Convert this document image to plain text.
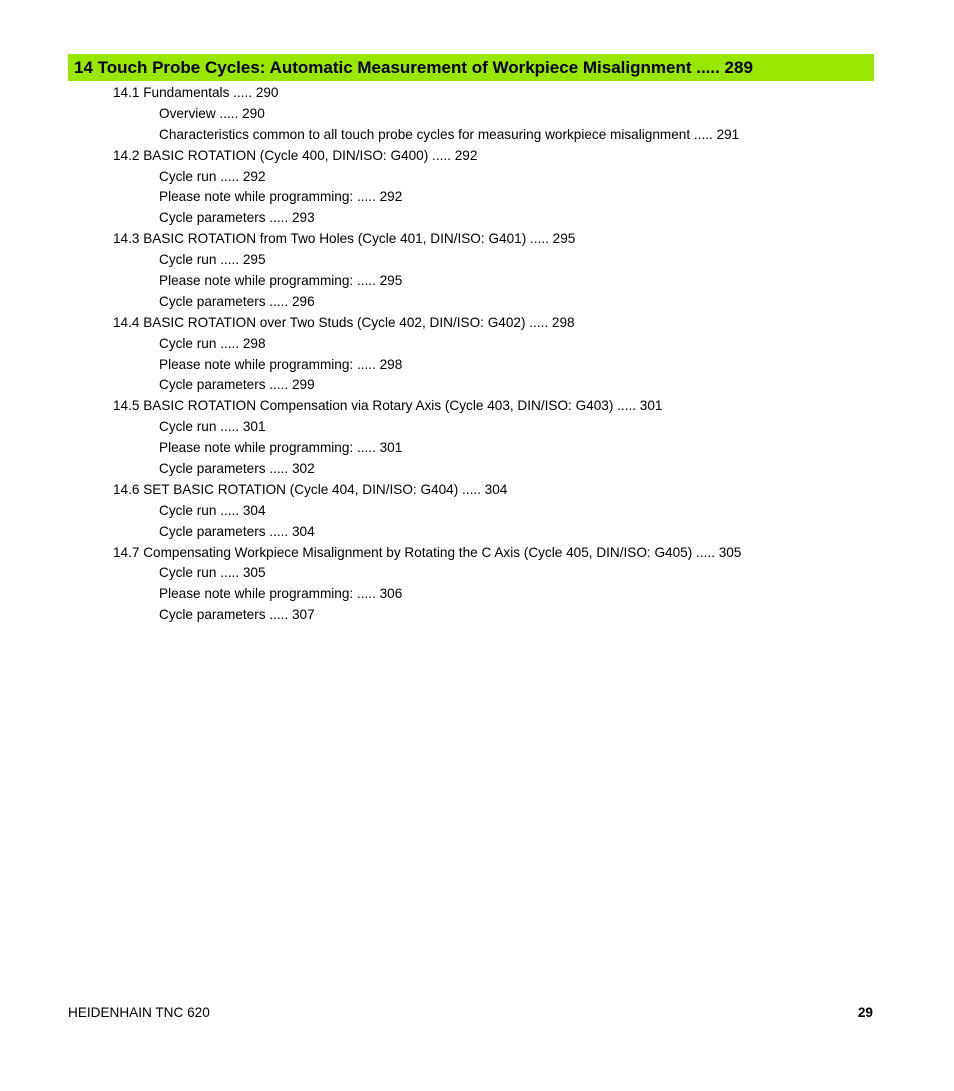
14 Touch Probe Cycles: Automatic Measurement of Workpiece Misalignment ..... 289
14.1 Fundamentals ..... 290
Overview ..... 290
Characteristics common to all touch probe cycles for measuring workpiece misalignment ..... 291
14.2 BASIC ROTATION (Cycle 400, DIN/ISO: G400) ..... 292
Cycle run ..... 292
Please note while programming: ..... 292
Cycle parameters ..... 293
14.3 BASIC ROTATION from Two Holes (Cycle 401, DIN/ISO: G401) ..... 295
Cycle run ..... 295
Please note while programming: ..... 295
Cycle parameters ..... 296
14.4 BASIC ROTATION over Two Studs (Cycle 402, DIN/ISO: G402) ..... 298
Cycle run ..... 298
Please note while programming: ..... 298
Cycle parameters ..... 299
14.5 BASIC ROTATION Compensation via Rotary Axis (Cycle 403, DIN/ISO: G403) ..... 301
Cycle run ..... 301
Please note while programming: ..... 301
Cycle parameters ..... 302
14.6 SET BASIC ROTATION (Cycle 404, DIN/ISO: G404) ..... 304
Cycle run ..... 304
Cycle parameters ..... 304
14.7 Compensating Workpiece Misalignment by Rotating the C Axis (Cycle 405, DIN/ISO: G405) ..... 305
Cycle run ..... 305
Please note while programming: ..... 306
Cycle parameters ..... 307
HEIDENHAIN TNC 620	29
